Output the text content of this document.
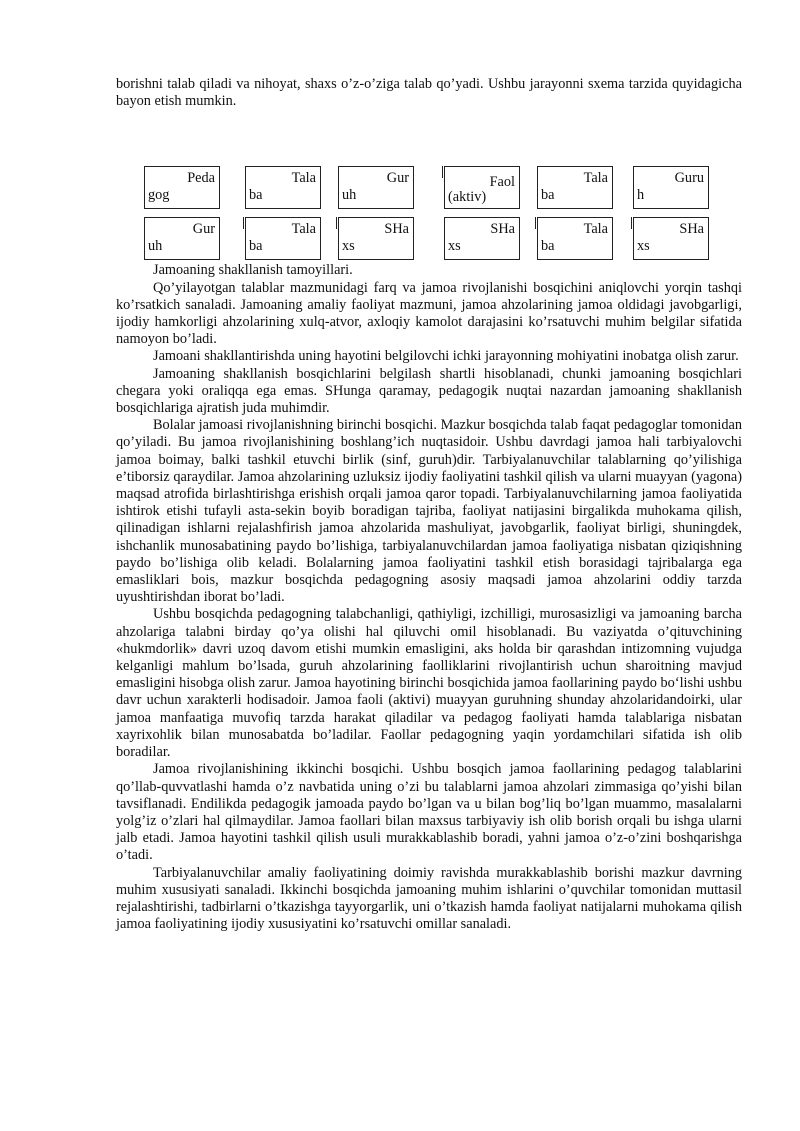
borishni talab qiladi va nihoyat, shaxs o’z-o’ziga talab qo’yadi. Ushbu jarayonni sxema tarzida quyidagicha bayon etish mumkin.

Peda
gog
Tala
ba
Gur
uh
Faol
(aktiv)
Tala
ba
Guru
h
Gur
uh
Tala
ba
SHa
xs
SHa
xs
Tala
ba
SHa
xs

Jamoaning shakllanish tamoyillari.

Qo’yilayotgan talablar mazmunidagi farq va jamoa rivojlanishi bosqichini aniqlovchi yorqin tashqi ko’rsatkich sanaladi. Jamoaning amaliy faoliyat mazmuni, jamoa ahzolarining jamoa oldidagi javobgarligi, ijodiy hamkorligi ahzolarining xulq-atvor, axloqiy kamolot darajasini ko’rsatuvchi muhim belgilar sifatida namoyon bo’ladi.

Jamoani shakllantirishda uning hayotini belgilovchi ichki jarayonning mohiyatini inobatga olish zarur.

Jamoaning shakllanish bosqichlarini belgilash shartli hisoblanadi, chunki jamoaning bosqichlari chegara yoki oraliqqa ega emas. SHunga qaramay, pedagogik nuqtai nazardan jamoaning shakllanish bosqichlariga ajratish juda muhimdir.

Bolalar jamoasi rivojlanishning birinchi bosqichi. Mazkur bosqichda talab faqat pedagoglar tomonidan qo’yiladi. Bu jamoa rivojlanishining boshlang’ich nuqtasidoir. Ushbu davrdagi jamoa hali tarbiyalovchi jamoa boimay, balki tashkil etuvchi birlik (sinf, guruh)dir. Tarbiyalanuvchilar talablarning qo’yilishiga e’tiborsiz qaraydilar. Jamoa ahzolarining uzluksiz ijodiy faoliyatini tashkil qilish va ularni muayyan (yagona) maqsad atrofida birlashtirishga erishish orqali jamoa qaror topadi. Tarbiyalanuvchilarning jamoa faoliyatida ishtirok etishi tufayli asta-sekin boyib boradigan tajriba, faoliyat natijasini birgalikda muhokama qilish, qilinadigan ishlarni rejalashfirish jamoa ahzolarida mashuliyat, javobgarlik, faoliyat birligi, shuningdek, ishchanlik munosabatining paydo bo’lishiga, tarbiyalanuvchilardan jamoa faoliyatiga nisbatan qiziqishning paydo bo’lishiga olib keladi. Bolalarning jamoa faoliyatini tashkil etish borasidagi tajribalarga ega emasliklari bois, mazkur bosqichda pedagogning asosiy maqsadi jamoa ahzolarini oddiy tarzda uyushtirishdan iborat bo’ladi.

Ushbu bosqichda pedagogning talabchanligi, qathiyligi, izchilligi, murosasizligi va jamoaning barcha ahzolariga talabni birday qo’ya olishi hal qiluvchi omil hisoblanadi. Bu vaziyatda o’qituvchining «hukmdorlik» davri uzoq davom etishi mumkin emasligini, aks holda bir qarashdan intizomning vujudga kelganligi mahlum bo’lsada, guruh ahzolarining faolliklarini rivojlantirish uchun sharoitning mavjud emasligini hisobga olish zarur. Jamoa hayotining birinchi bosqichida jamoa faollarining paydo bo‘lishi ushbu davr uchun xarakterli hodisadoir. Jamoa faoli (aktivi) muayyan guruhning shunday ahzolaridandoirki, ular jamoa manfaatiga muvofiq tarzda harakat qiladilar va pedagog faoliyati hamda talablariga nisbatan xayrixohlik bilan munosabatda bo’ladilar. Faollar pedagogning yaqin yordamchilari sifatida ish olib boradilar.

Jamoa rivojlanishining ikkinchi bosqichi. Ushbu bosqich jamoa faollarining pedagog talablarini qo’llab-quvvatlashi hamda o’z navbatida uning o’zi bu talablarni jamoa ahzolari zimmasiga qo’yishi bilan tavsiflanadi. Endilikda pedagogik jamoada paydo bo’lgan va u bilan bog’liq bo’lgan muammo, masalalarni yolg’iz o’zlari hal qilmaydilar. Jamoa faollari bilan maxsus tarbiyaviy ish olib borish orqali bu ishga ularni jalb etadi. Jamoa hayotini tashkil qilish usuli murakkablashib boradi, yahni jamoa o’z-o’zini boshqarishga o’tadi.

Tarbiyalanuvchilar amaliy faoliyatining doimiy ravishda murakkablashib borishi mazkur davrning muhim xususiyati sanaladi. Ikkinchi bosqichda jamoaning muhim ishlarini o’quvchilar tomonidan muttasil rejalashtirishi, tadbirlarni o’tkazishga tayyorgarlik, uni o’tkazish hamda faoliyat natijalarni muhokama qilish jamoa faoliyatining ijodiy xususiyatini ko’rsatuvchi omillar sanaladi.
